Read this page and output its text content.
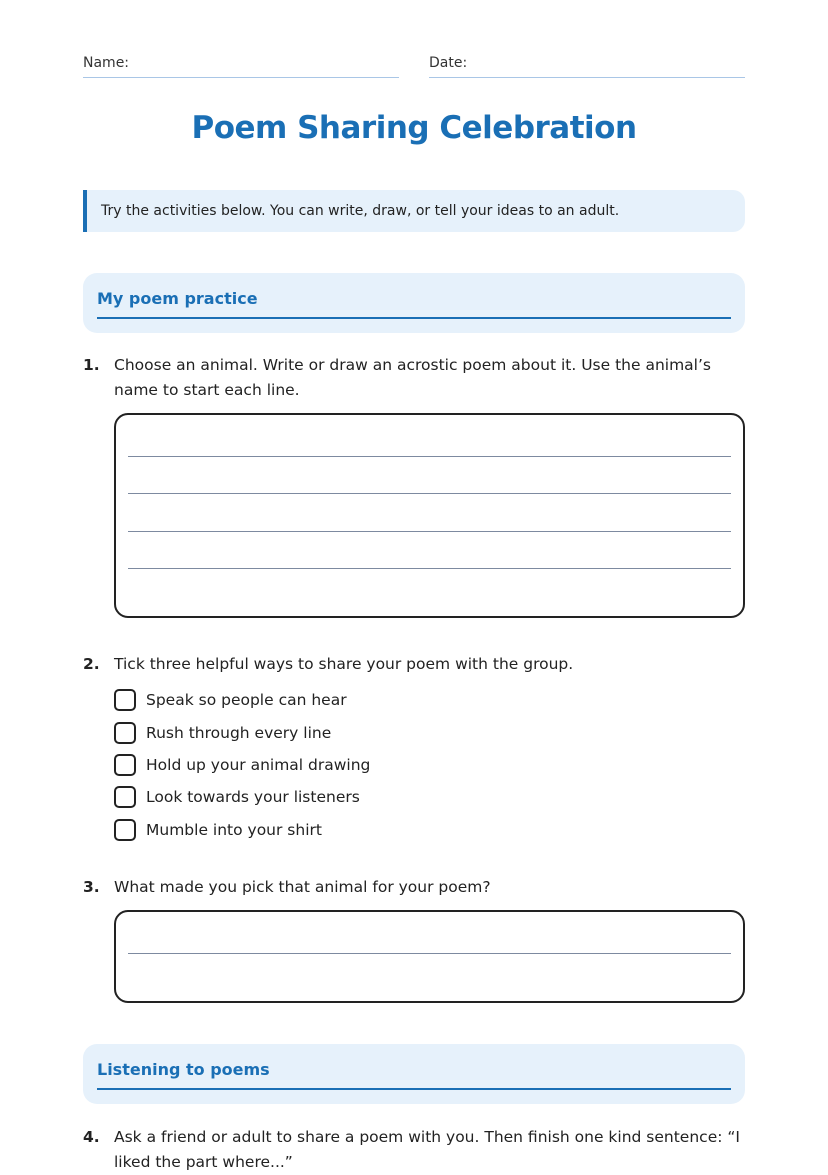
Name:	Date:
Poem Sharing Celebration
Try the activities below. You can write, draw, or tell your ideas to an adult.
My poem practice
1. Choose an animal. Write or draw an acrostic poem about it. Use the animal’s name to start each line.
2. Tick three helpful ways to share your poem with the group.
Speak so people can hear
Rush through every line
Hold up your animal drawing
Look towards your listeners
Mumble into your shirt
3. What made you pick that animal for your poem?
Listening to poems
4. Ask a friend or adult to share a poem with you. Then finish one kind sentence: “I liked the part where...”
